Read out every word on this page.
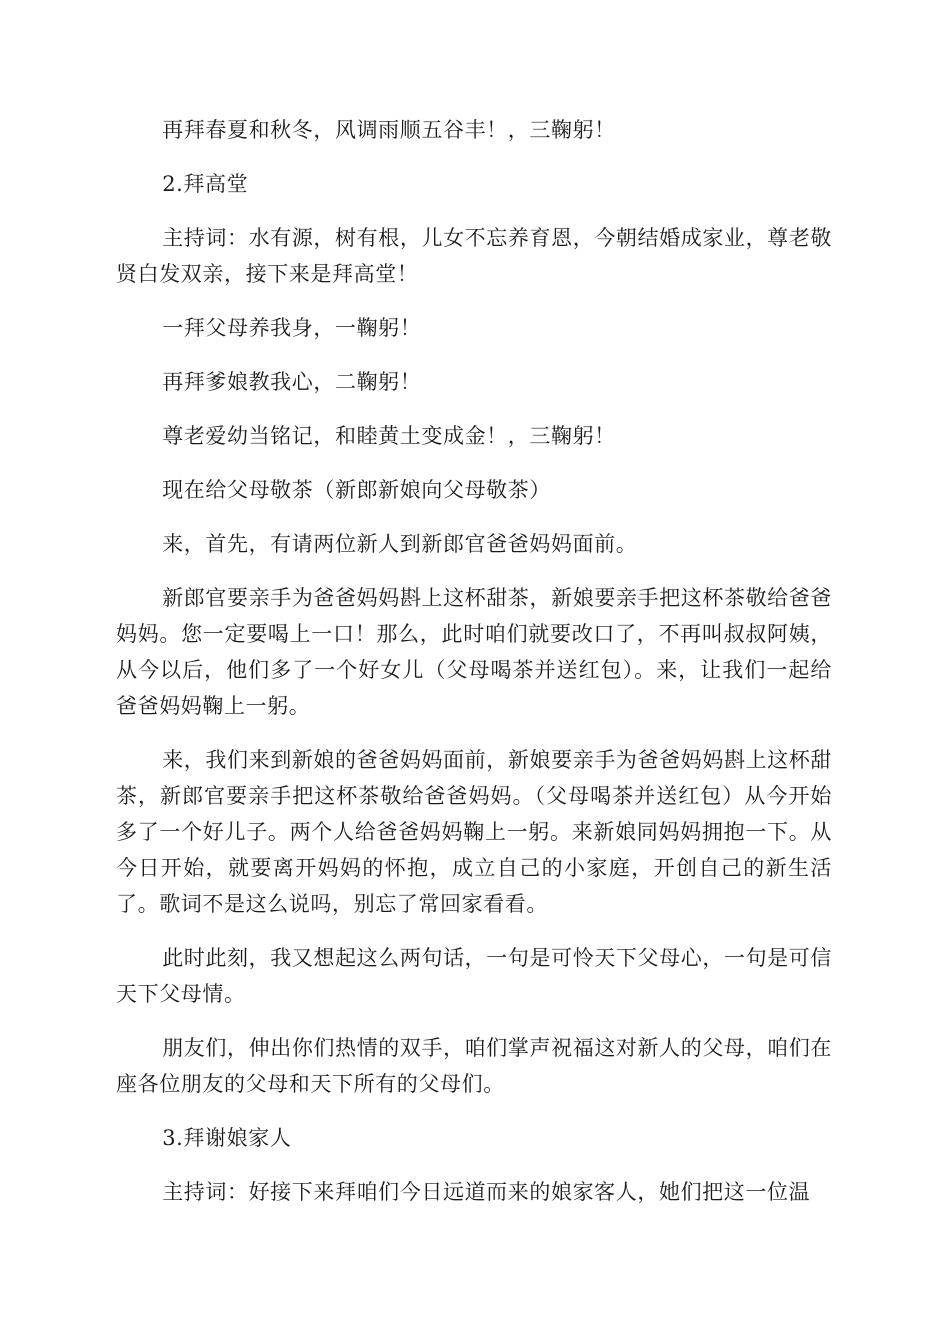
再拜春夏和秋冬，风调雨顺五谷丰！，三鞠躬！

2.拜高堂

主持词：水有源，树有根，儿女不忘养育恩，今朝结婚成家业，尊老敬贤白发双亲，接下来是拜高堂！

一拜父母养我身，一鞠躬！

再拜爹娘教我心，二鞠躬！

尊老爱幼当铭记，和睦黄土变成金！，三鞠躬！

现在给父母敬茶（新郎新娘向父母敬茶）

来，首先，有请两位新人到新郎官爸爸妈妈面前。

新郎官要亲手为爸爸妈妈斟上这杯甜茶，新娘要亲手把这杯茶敬给爸爸妈妈。您一定要喝上一口！那么，此时咱们就要改口了，不再叫叔叔阿姨，从今以后，他们多了一个好女儿（父母喝茶并送红包）。来，让我们一起给爸爸妈妈鞠上一躬。

来，我们来到新娘的爸爸妈妈面前，新娘要亲手为爸爸妈妈斟上这杯甜茶，新郎官要亲手把这杯茶敬给爸爸妈妈。（父母喝茶并送红包）从今开始多了一个好儿子。两个人给爸爸妈妈鞠上一躬。来新娘同妈妈拥抱一下。从今日开始，就要离开妈妈的怀抱，成立自己的小家庭，开创自己的新生活了。歌词不是这么说吗，别忘了常回家看看。

此时此刻，我又想起这么两句话，一句是可怜天下父母心，一句是可信天下父母情。

朋友们，伸出你们热情的双手，咱们掌声祝福这对新人的父母，咱们在座各位朋友的父母和天下所有的父母们。

3.拜谢娘家人

主持词：好接下来拜咱们今日远道而来的娘家客人，她们把这一位温
